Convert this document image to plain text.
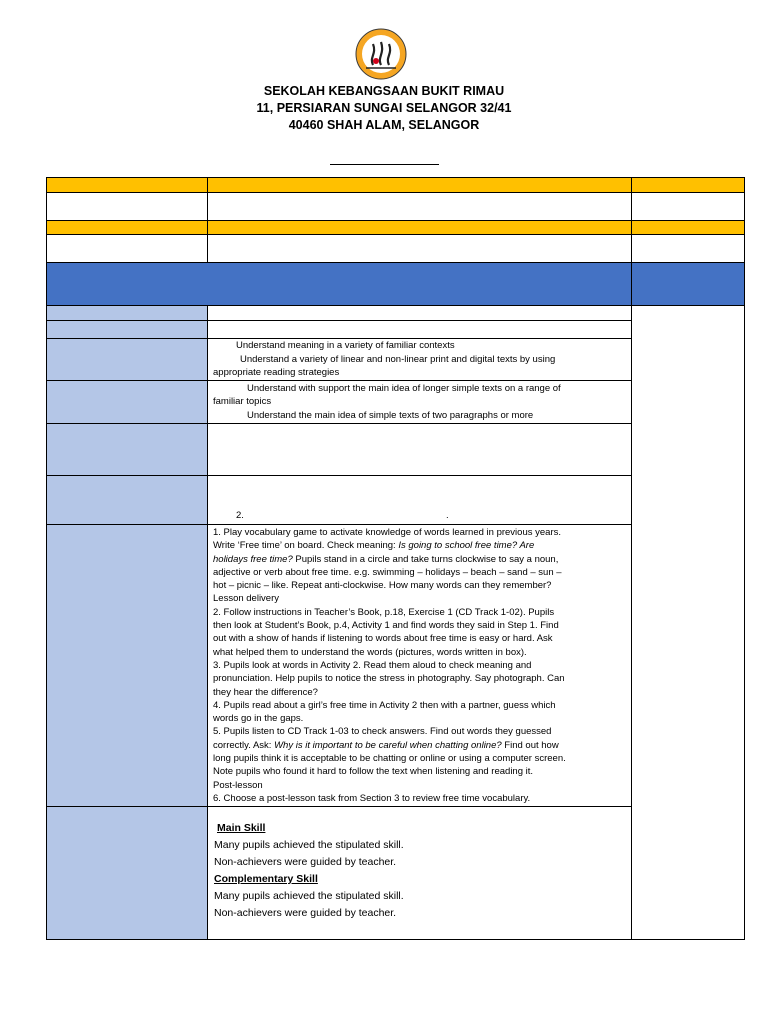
SEKOLAH KEBANGSAAN BUKIT RIMAU
11, PERSIARAN SUNGAI SELANGOR 32/41
40460 SHAH ALAM, SELANGOR
Understand meaning in a variety of familiar contexts
Understand a variety of linear and non-linear print and digital texts by using
appropriate reading strategies
Understand with support the main idea of longer simple texts on a range of
familiar topics
Understand the main idea of simple texts of two paragraphs or more
2.	.
1. Play vocabulary game to activate knowledge of words learned in previous years.
Write ‘Free time’ on board. Check meaning: Is going to school free time? Are
holidays free time? Pupils stand in a circle and take turns clockwise to say a noun,
adjective or verb about free time. e.g. swimming – holidays – beach – sand – sun –
hot – picnic – like. Repeat anti-clockwise. How many words can they remember?
Lesson delivery
2. Follow instructions in Teacher’s Book, p.18, Exercise 1 (CD Track 1-02). Pupils
then look at Student’s Book, p.4, Activity 1 and find words they said in Step 1. Find
out with a show of hands if listening to words about free time is easy or hard. Ask
what helped them to understand the words (pictures, words written in box).
3. Pupils look at words in Activity 2. Read them aloud to check meaning and
pronunciation. Help pupils to notice the stress in photography. Say photograph. Can
they hear the difference?
4. Pupils read about a girl’s free time in Activity 2 then with a partner, guess which
words go in the gaps.
5. Pupils listen to CD Track 1-03 to check answers. Find out words they guessed
correctly. Ask: Why is it important to be careful when chatting online? Find out how
long pupils think it is acceptable to be chatting or online or using a computer screen.
Note pupils who found it hard to follow the text when listening and reading it.
Post-lesson
6. Choose a post-lesson task from Section 3 to review free time vocabulary.
Main Skill
Many pupils achieved the stipulated skill.
Non-achievers were guided by teacher.
Complementary Skill
Many pupils achieved the stipulated skill.
Non-achievers were guided by teacher.
